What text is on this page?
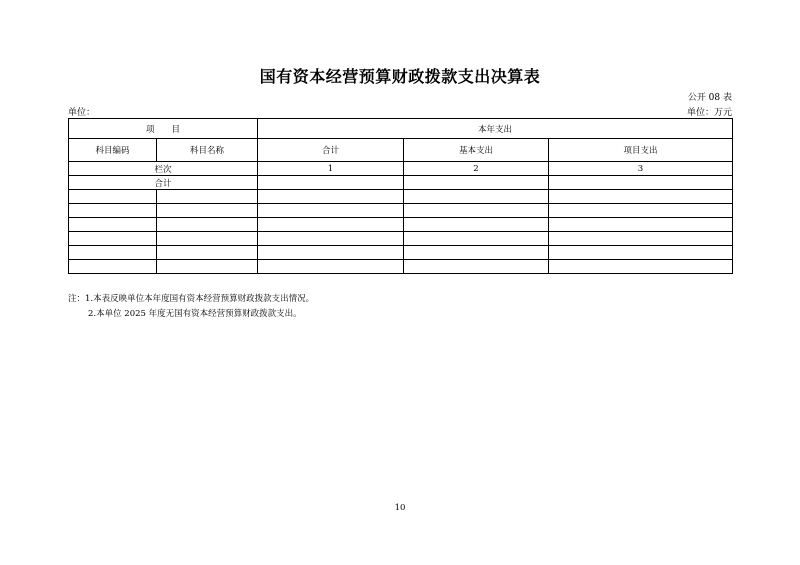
国有资本经营预算财政拨款支出决算表
公开 08 表
单位：	单位：万元
项　　目		本年支出		
科目编码	科目名称	合计	基本支出	项目支出
栏次		1	2	3
合计				

注：1.本表反映单位本年度国有资本经营预算财政拨款支出情况。
2.本单位 2025 年度无国有资本经营预算财政拨款支出。
10
